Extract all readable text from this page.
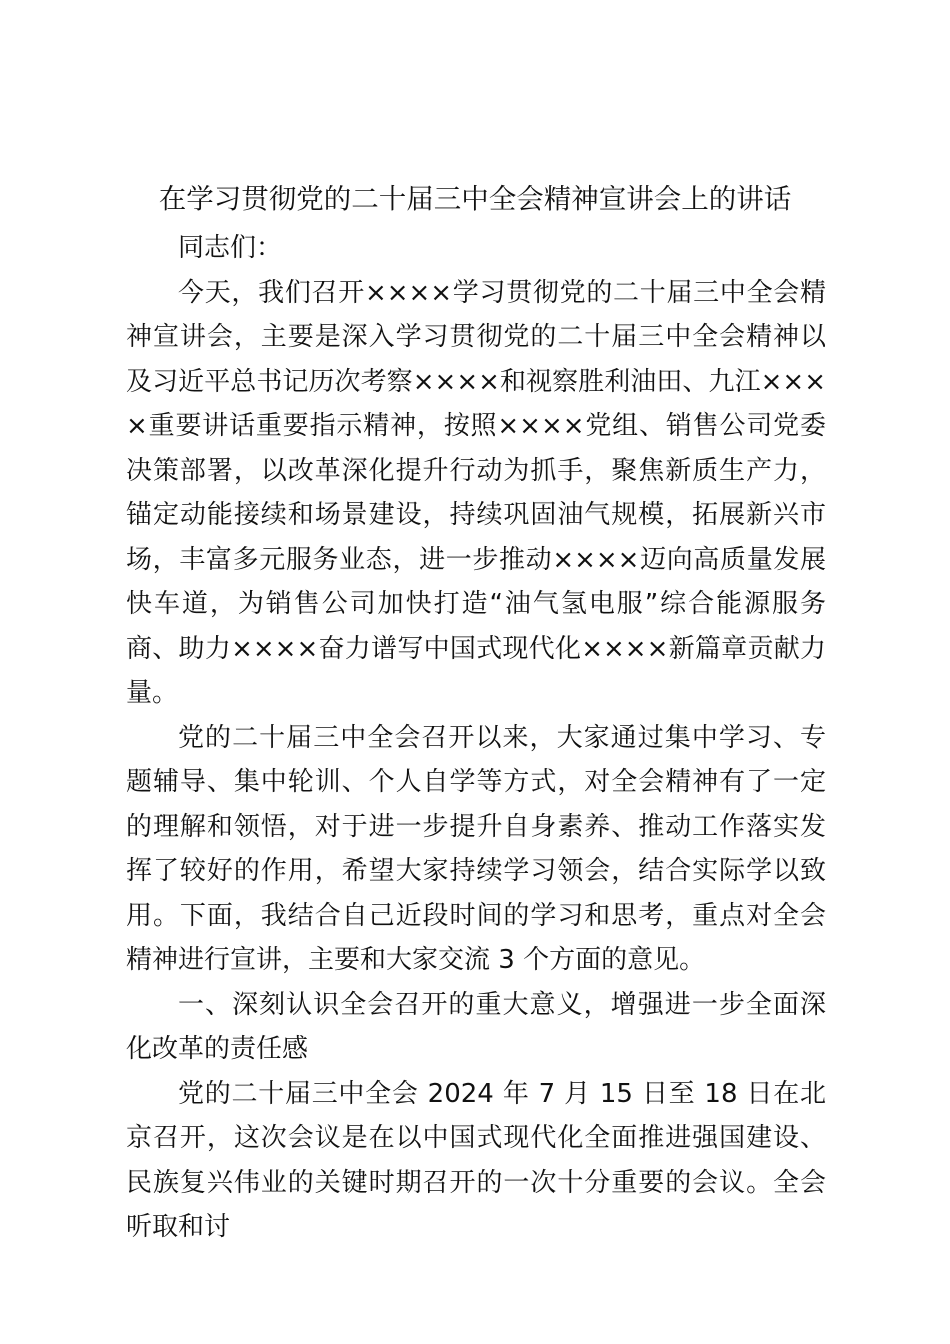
在学习贯彻党的二十届三中全会精神宣讲会上的讲话

同志们：

今天，我们召开××××学习贯彻党的二十届三中全会精神宣讲会，主要是深入学习贯彻党的二十届三中全会精神以及习近平总书记历次考察××××和视察胜利油田、九江××××重要讲话重要指示精神，按照××××党组、销售公司党委决策部署，以改革深化提升行动为抓手，聚焦新质生产力，锚定动能接续和场景建设，持续巩固油气规模，拓展新兴市场，丰富多元服务业态，进一步推动××××迈向高质量发展快车道，为销售公司加快打造“油气氢电服”综合能源服务商、助力××××奋力谱写中国式现代化××××新篇章贡献力量。

党的二十届三中全会召开以来，大家通过集中学习、专题辅导、集中轮训、个人自学等方式，对全会精神有了一定的理解和领悟，对于进一步提升自身素养、推动工作落实发挥了较好的作用，希望大家持续学习领会，结合实际学以致用。下面，我结合自己近段时间的学习和思考，重点对全会精神进行宣讲，主要和大家交流 3 个方面的意见。

一、深刻认识全会召开的重大意义，增强进一步全面深化改革的责任感

党的二十届三中全会 2024 年 7 月 15 日至 18 日在北京召开，这次会议是在以中国式现代化全面推进强国建设、民族复兴伟业的关键时期召开的一次十分重要的会议。全会听取和讨
